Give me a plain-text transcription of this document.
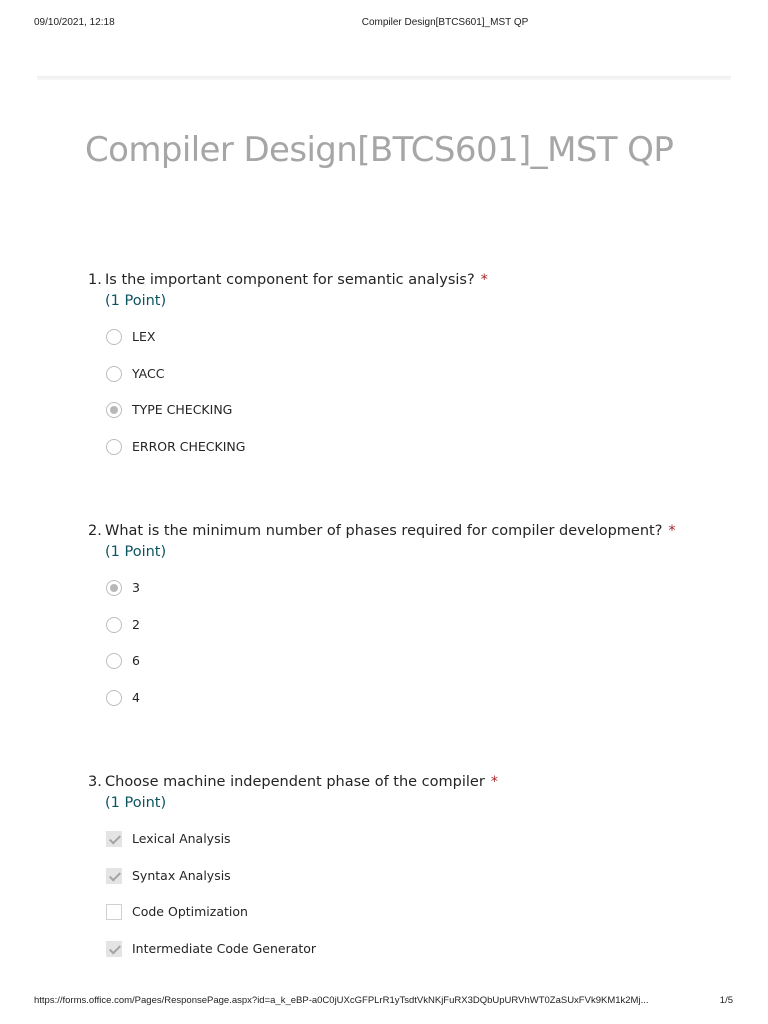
09/10/2021, 12:18	Compiler Design[BTCS601]_MST QP
Compiler Design[BTCS601]_MST QP
1. Is the important component for semantic analysis? *
(1 Point)
LEX
YACC
TYPE CHECKING
ERROR CHECKING
2. What is the minimum number of phases required for compiler development? *
(1 Point)
3
2
6
4
3. Choose machine independent phase of the compiler *
(1 Point)
Lexical Analysis
Syntax Analysis
Code Optimization
Intermediate Code Generator
https://forms.office.com/Pages/ResponsePage.aspx?id=a_k_eBP-a0C0jUXcGFPLrR1yTsdtVkNKjFuRX3DQbUpURVhWT0ZaSUxFVk9KM1k2Mj...	1/5
